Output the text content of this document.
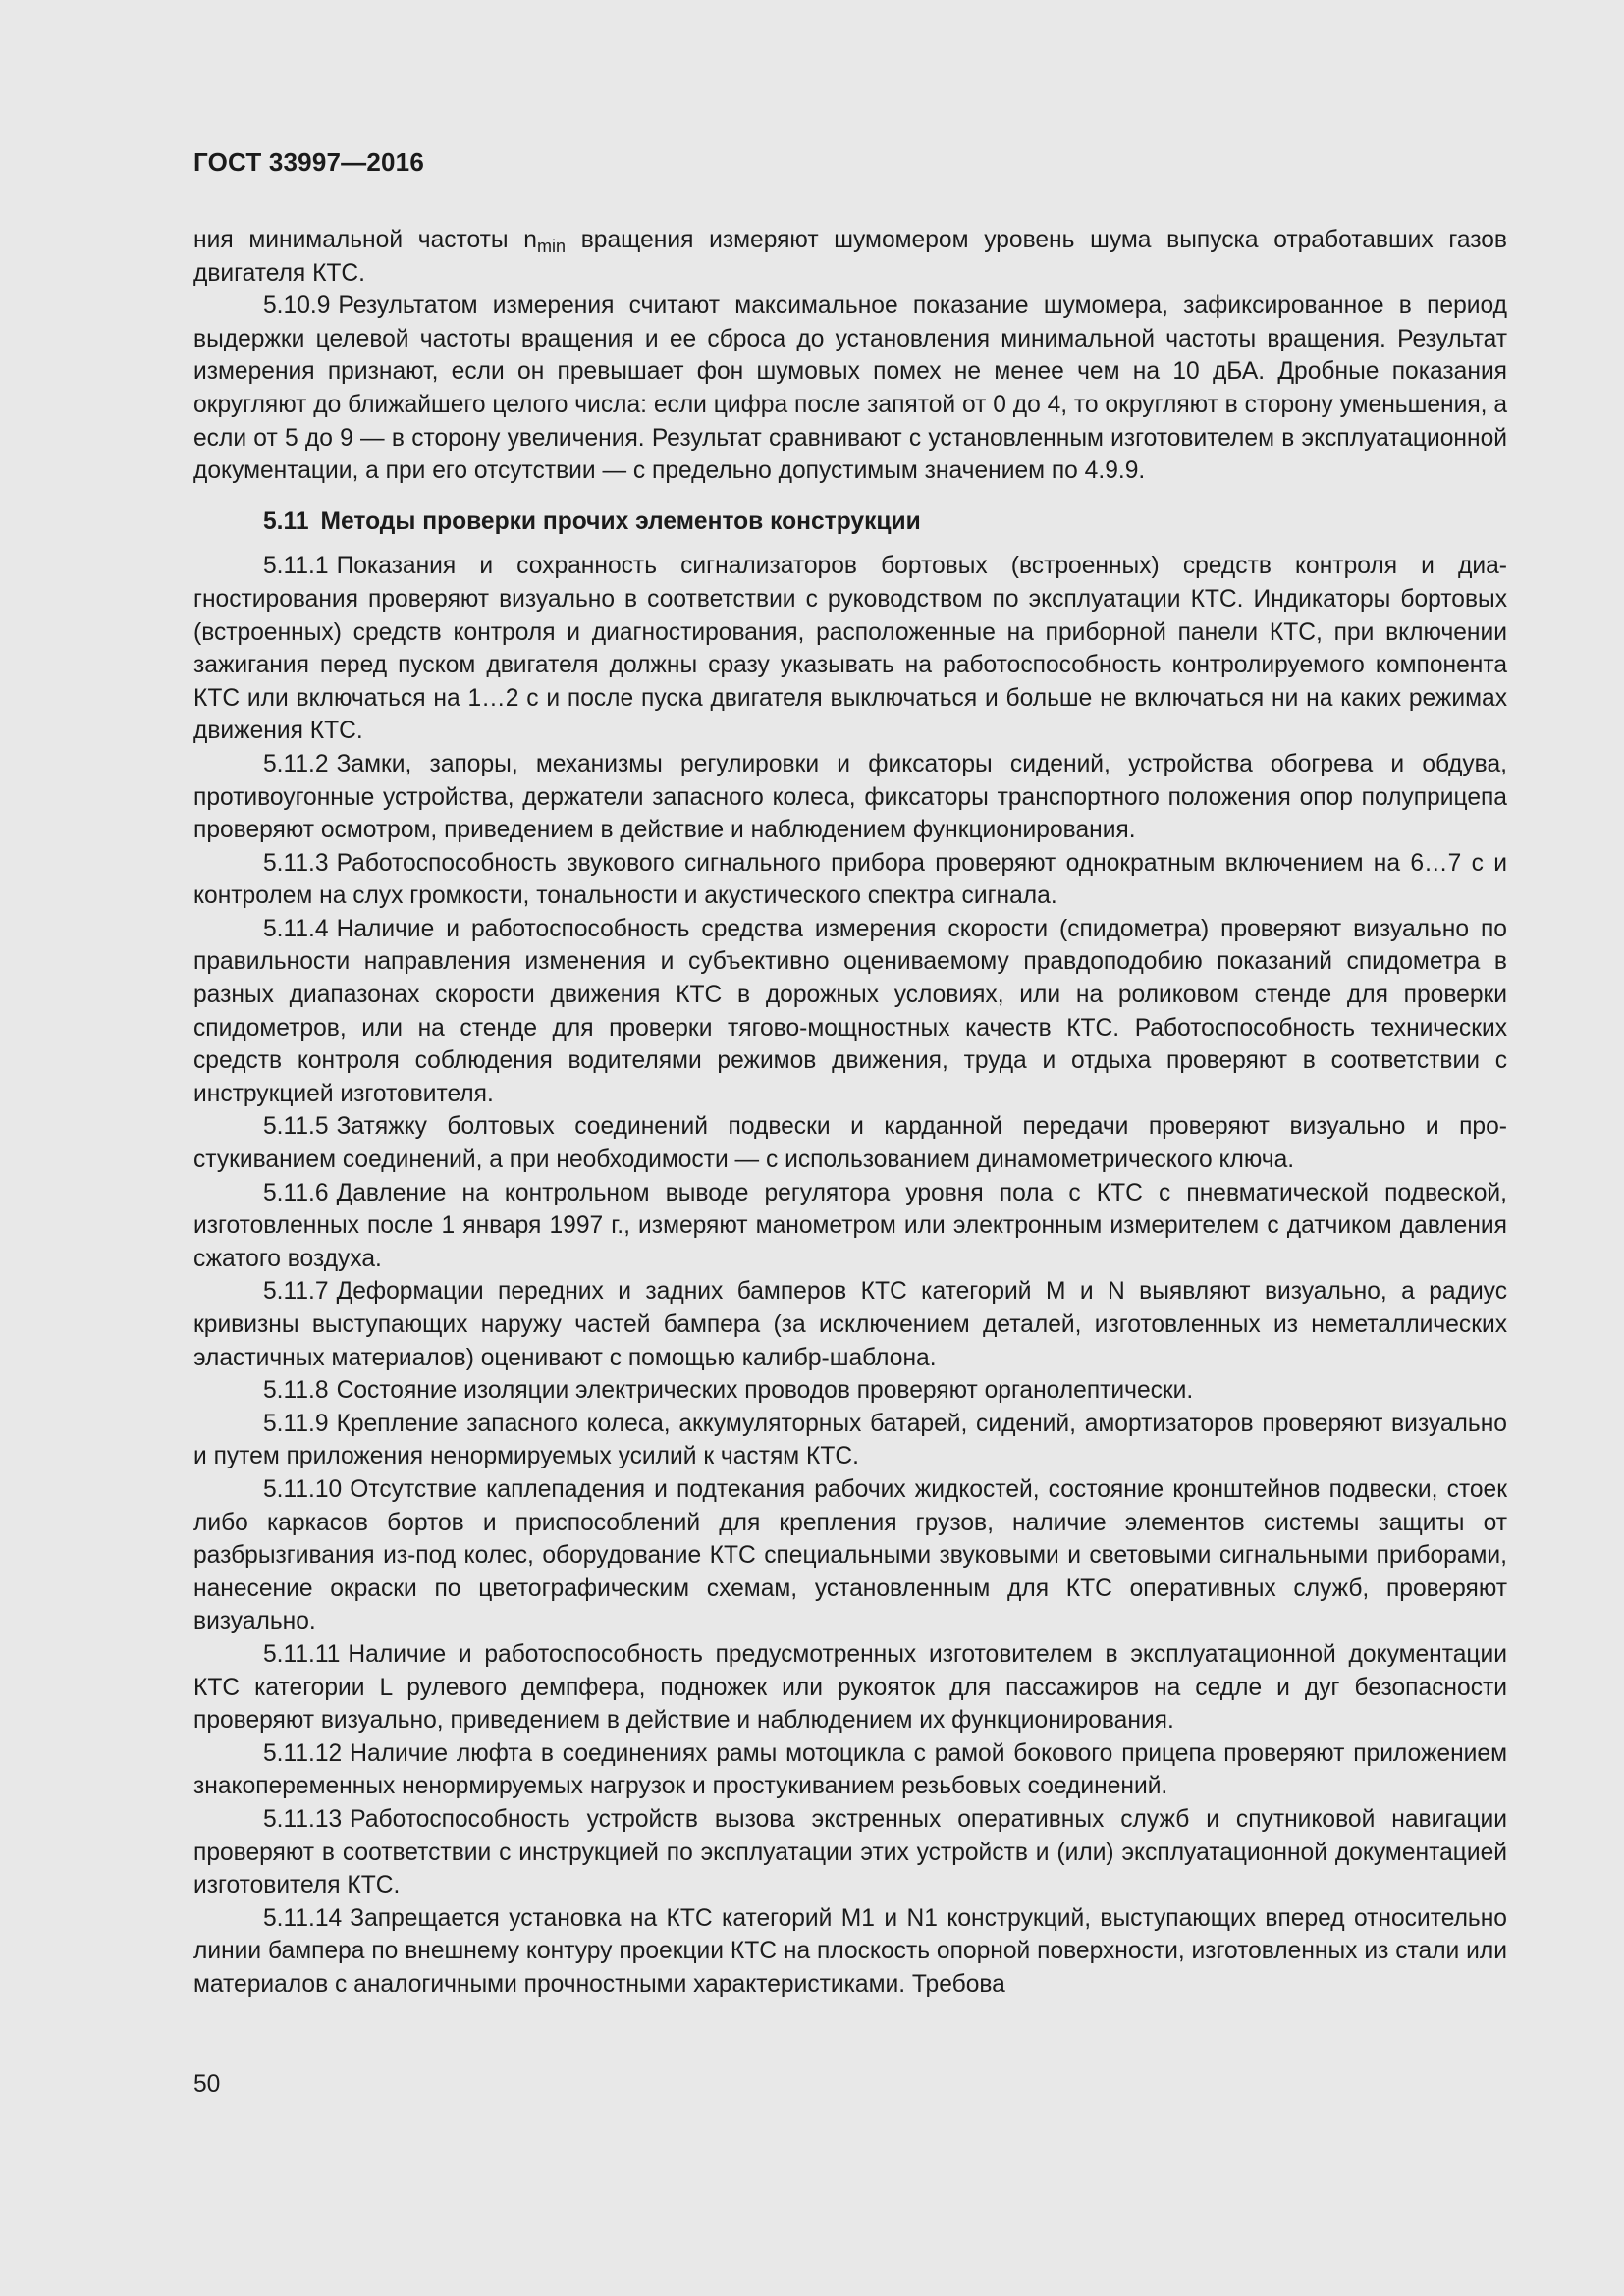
ГОСТ 33997—2016

ния минимальной частоты $n_{min}$ вращения измеряют шумомером уровень шума выпуска отработавших газов двигателя КТС.

5.10.9 Результатом измерения считают максимальное показание шумомера, зафиксированное в период выдержки целевой частоты вращения и ее сброса до установления минимальной частоты вращения. Результат измерения признают, если он превышает фон шумовых помех не менее чем на 10 дБА. Дробные показания округляют до ближайшего целого числа: если цифра после запятой от 0 до 4, то округляют в сторону уменьшения, а если от 5 до 9 — в сторону увеличения. Результат сравнивают с установленным изготовителем в эксплуатационной документации, а при его отсутствии — с предельно допустимым значением по 4.9.9.

5.11 Методы проверки прочих элементов конструкции

5.11.1 Показания и сохранность сигнализаторов бортовых (встроенных) средств контроля и диагностирования проверяют визуально в соответствии с руководством по эксплуатации КТС. Индикаторы бортовых (встроенных) средств контроля и диагностирования, расположенные на приборной панели КТС, при включении зажигания перед пуском двигателя должны сразу указывать на работоспособность контролируемого компонента КТС или включаться на 1…2 с и после пуска двигателя выключаться и больше не включаться ни на каких режимах движения КТС.

5.11.2 Замки, запоры, механизмы регулировки и фиксаторы сидений, устройства обогрева и обдува, противоугонные устройства, держатели запасного колеса, фиксаторы транспортного положения опор полуприцепа проверяют осмотром, приведением в действие и наблюдением функционирования.

5.11.3 Работоспособность звукового сигнального прибора проверяют однократным включением на 6…7 с и контролем на слух громкости, тональности и акустического спектра сигнала.

5.11.4 Наличие и работоспособность средства измерения скорости (спидометра) проверяют визуально по правильности направления изменения и субъективно оцениваемому правдоподобию показаний спидометра в разных диапазонах скорости движения КТС в дорожных условиях, или на роликовом стенде для проверки спидометров, или на стенде для проверки тягово-мощностных качеств КТС. Работоспособность технических средств контроля соблюдения водителями режимов движения, труда и отдыха проверяют в соответствии с инструкцией изготовителя.

5.11.5 Затяжку болтовых соединений подвески и карданной передачи проверяют визуально и простукиванием соединений, а при необходимости — с использованием динамометрического ключа.

5.11.6 Давление на контрольном выводе регулятора уровня пола с КТС с пневматической подвеской, изготовленных после 1 января 1997 г., измеряют манометром или электронным измерителем с датчиком давления сжатого воздуха.

5.11.7 Деформации передних и задних бамперов КТС категорий М и N выявляют визуально, а радиус кривизны выступающих наружу частей бампера (за исключением деталей, изготовленных из неметаллических эластичных материалов) оценивают с помощью калибр-шаблона.

5.11.8 Состояние изоляции электрических проводов проверяют органолептически.

5.11.9 Крепление запасного колеса, аккумуляторных батарей, сидений, амортизаторов проверяют визуально и путем приложения ненормируемых усилий к частям КТС.

5.11.10 Отсутствие каплепадения и подтекания рабочих жидкостей, состояние кронштейнов подвески, стоек либо каркасов бортов и приспособлений для крепления грузов, наличие элементов системы защиты от разбрызгивания из-под колес, оборудование КТС специальными звуковыми и световыми сигнальными приборами, нанесение окраски по цветографическим схемам, установленным для КТС оперативных служб, проверяют визуально.

5.11.11 Наличие и работоспособность предусмотренных изготовителем в эксплуатационной документации КТС категории L рулевого демпфера, подножек или рукояток для пассажиров на седле и дуг безопасности проверяют визуально, приведением в действие и наблюдением их функционирования.

5.11.12 Наличие люфта в соединениях рамы мотоцикла с рамой бокового прицепа проверяют приложением знакопеременных ненормируемых нагрузок и простукиванием резьбовых соединений.

5.11.13 Работоспособность устройств вызова экстренных оперативных служб и спутниковой навигации проверяют в соответствии с инструкцией по эксплуатации этих устройств и (или) эксплуатационной документацией изготовителя КТС.

5.11.14 Запрещается установка на КТС категорий М1 и N1 конструкций, выступающих вперед относительно линии бампера по внешнему контуру проекции КТС на плоскость опорной поверхности, изготовленных из стали или материалов с аналогичными прочностными характеристиками. Требова

50
